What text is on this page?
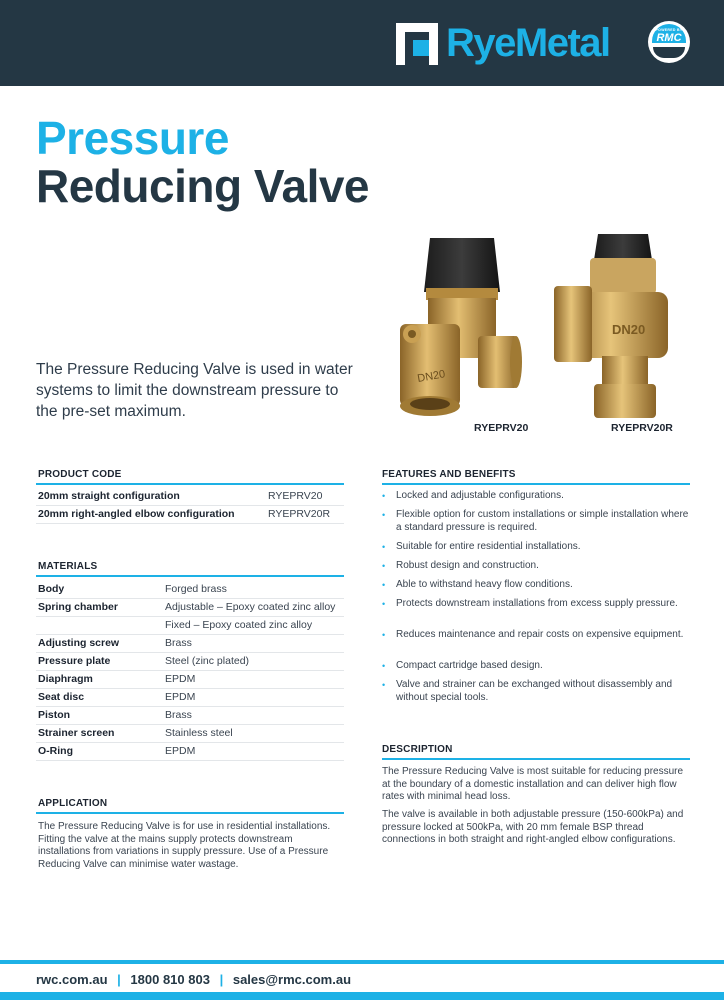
RyeMetal	POWERED BY
RMC
Pressure
Reducing Valve
The Pressure Reducing Valve is used in water systems to limit the downstream pressure to the pre-set maximum.
DN20
DN20
RYEPRV20	RYEPRV20R
PRODUCT CODE
20mm straight configuration	RYEPRV20
20mm right-angled elbow configuration	RYEPRV20R
MATERIALS
Body	Forged brass
Spring chamber	Adjustable – Epoxy coated zinc alloy
Fixed – Epoxy coated zinc alloy
Adjusting screw	Brass
Pressure plate	Steel (zinc plated)
Diaphragm	EPDM
Seat disc	EPDM
Piston	Brass
Strainer screen	Stainless steel
O-Ring	EPDM
APPLICATION
The Pressure Reducing Valve is for use in residential installations. Fitting the valve at the mains supply protects downstream installations from variations in supply pressure. Use of a Pressure Reducing Valve can minimise water wastage.
FEATURES AND BENEFITS
• Locked and adjustable configurations.
• Flexible option for custom installations or simple installation where a standard pressure is required.
• Suitable for entire residential installations.
• Robust design and construction.
• Able to withstand heavy flow conditions.
• Protects downstream installations from excess supply pressure.
• Reduces maintenance and repair costs on expensive equipment.
• Compact cartridge based design.
• Valve and strainer can be exchanged without disassembly and without special tools.
DESCRIPTION
The Pressure Reducing Valve is most suitable for reducing pressure at the boundary of a domestic installation and can deliver high flow rates with minimal head loss.
The valve is available in both adjustable pressure (150-600kPa) and pressure locked at 500kPa, with 20 mm female BSP thread connections in both straight and right-angled elbow configurations.
rwc.com.au | 1800 810 803 | sales@rmc.com.au
